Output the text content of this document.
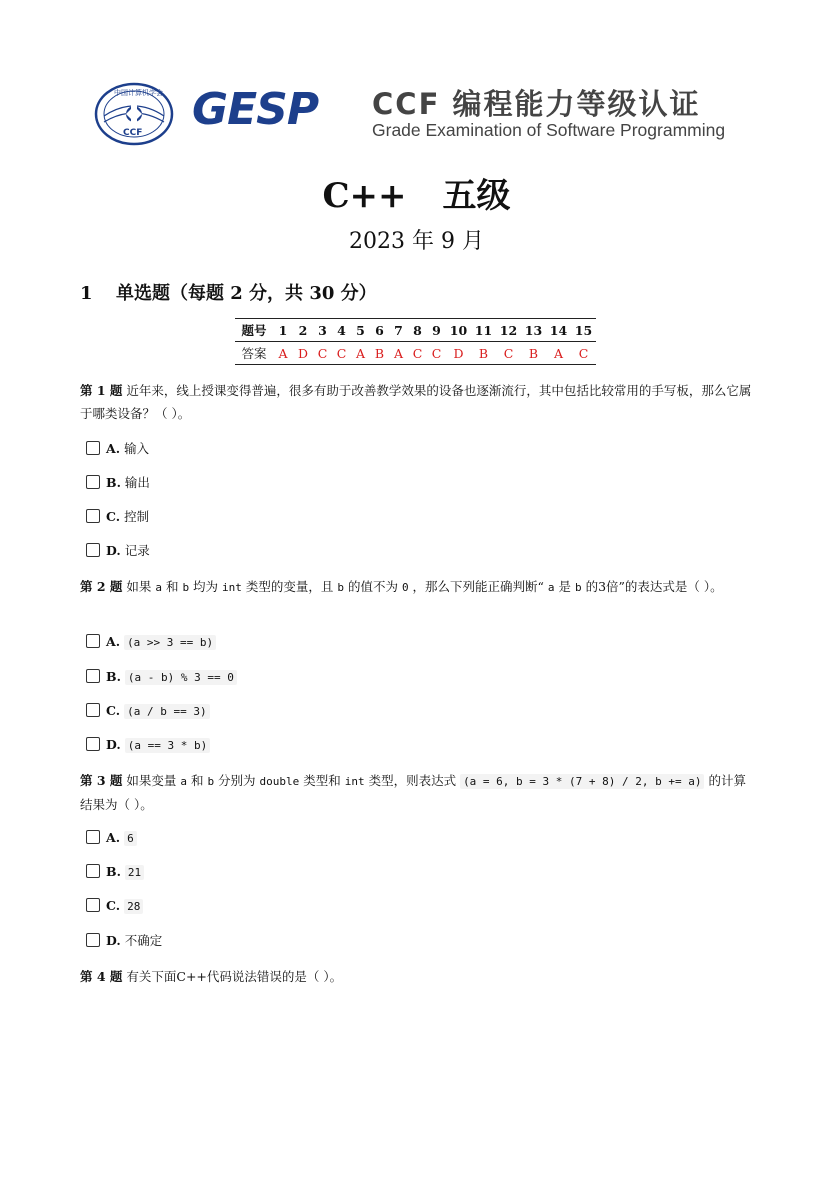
中国计算机学会
CCF GESP CCF 编程能力等级认证
Grade Examination of Software Programming
C++ 五级
2023 年 9 月
1 单选题（每题 2 分，共 30 分）
题号	1	2	3	4	5	6	7	8	9	10	11	12	13	14	15
答案	A	D	C	C	A	B	A	C	C	D	B	C	B	A	C
第 1 题 近年来，线上授课变得普遍，很多有助于改善教学效果的设备也逐渐流行，其中包括比较常用的手写板，那么它属于哪类设备？（ ）。
A. 输入
B. 输出
C. 控制
D. 记录
第 2 题 如果 a 和 b 均为 int 类型的变量，且 b 的值不为 0 ，那么下列能正确判断“ a 是 b 的3倍”的表达式是（ ）。
A. (a >> 3 == b)
B. (a - b) % 3 == 0
C. (a / b == 3)
D. (a == 3 * b)
第 3 题 如果变量 a 和 b 分别为 double 类型和 int 类型，则表达式 (a = 6, b = 3 * (7 + 8) / 2, b += a) 的计算结果为（ ）。
A. 6
B. 21
C. 28
D. 不确定
第 4 题 有关下面C++代码说法错误的是（ ）。
